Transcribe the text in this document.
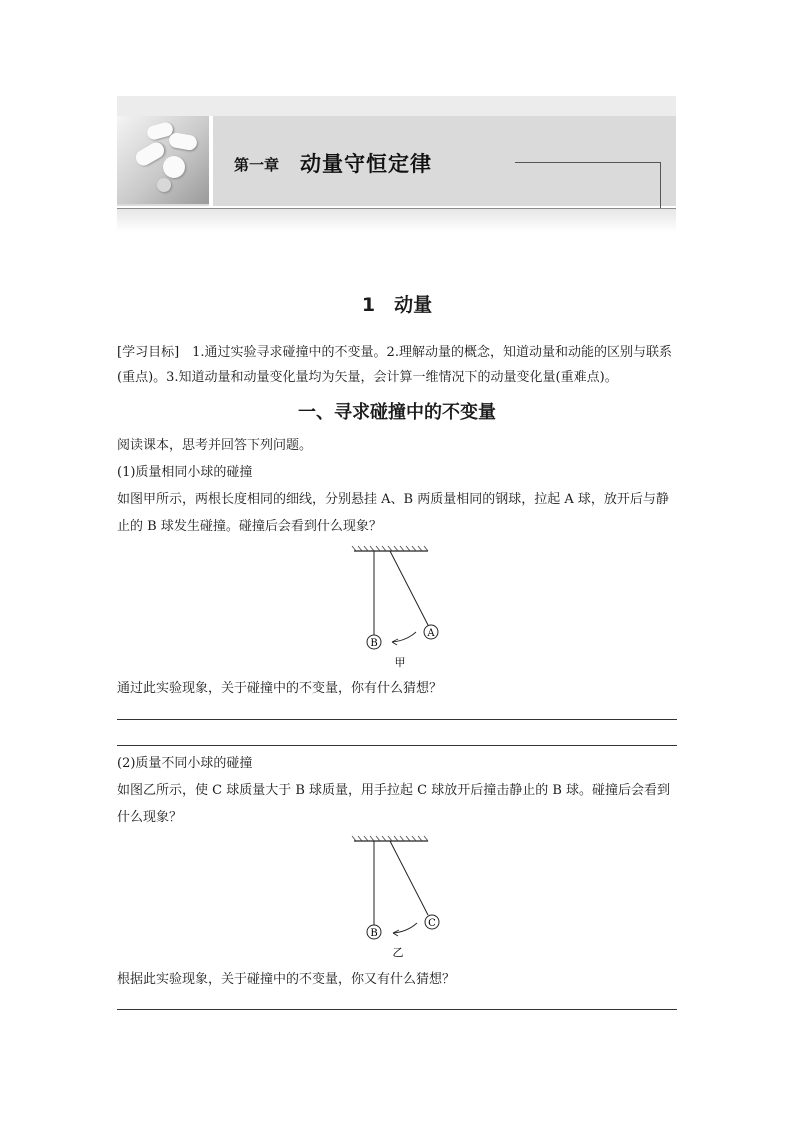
第一章 动量守恒定律
1　动量
[学习目标]　1.通过实验寻求碰撞中的不变量。2.理解动量的概念，知道动量和动能的区别与联系(重点)。3.知道动量和动量变化量均为矢量，会计算一维情况下的动量变化量(重难点)。
一、寻求碰撞中的不变量

阅读课本，思考并回答下列问题。

(1)质量相同小球的碰撞

如图甲所示，两根长度相同的细线，分别悬挂 A、B 两质量相同的钢球，拉起 A 球，放开后与静止的 B 球发生碰撞。碰撞后会看到什么现象？

B
A
甲

通过此实验现象，关于碰撞中的不变量，你有什么猜想？

(2)质量不同小球的碰撞

如图乙所示，使 C 球质量大于 B 球质量，用手拉起 C 球放开后撞击静止的 B 球。碰撞后会看到什么现象？

B
C
乙

根据此实验现象，关于碰撞中的不变量，你又有什么猜想？
